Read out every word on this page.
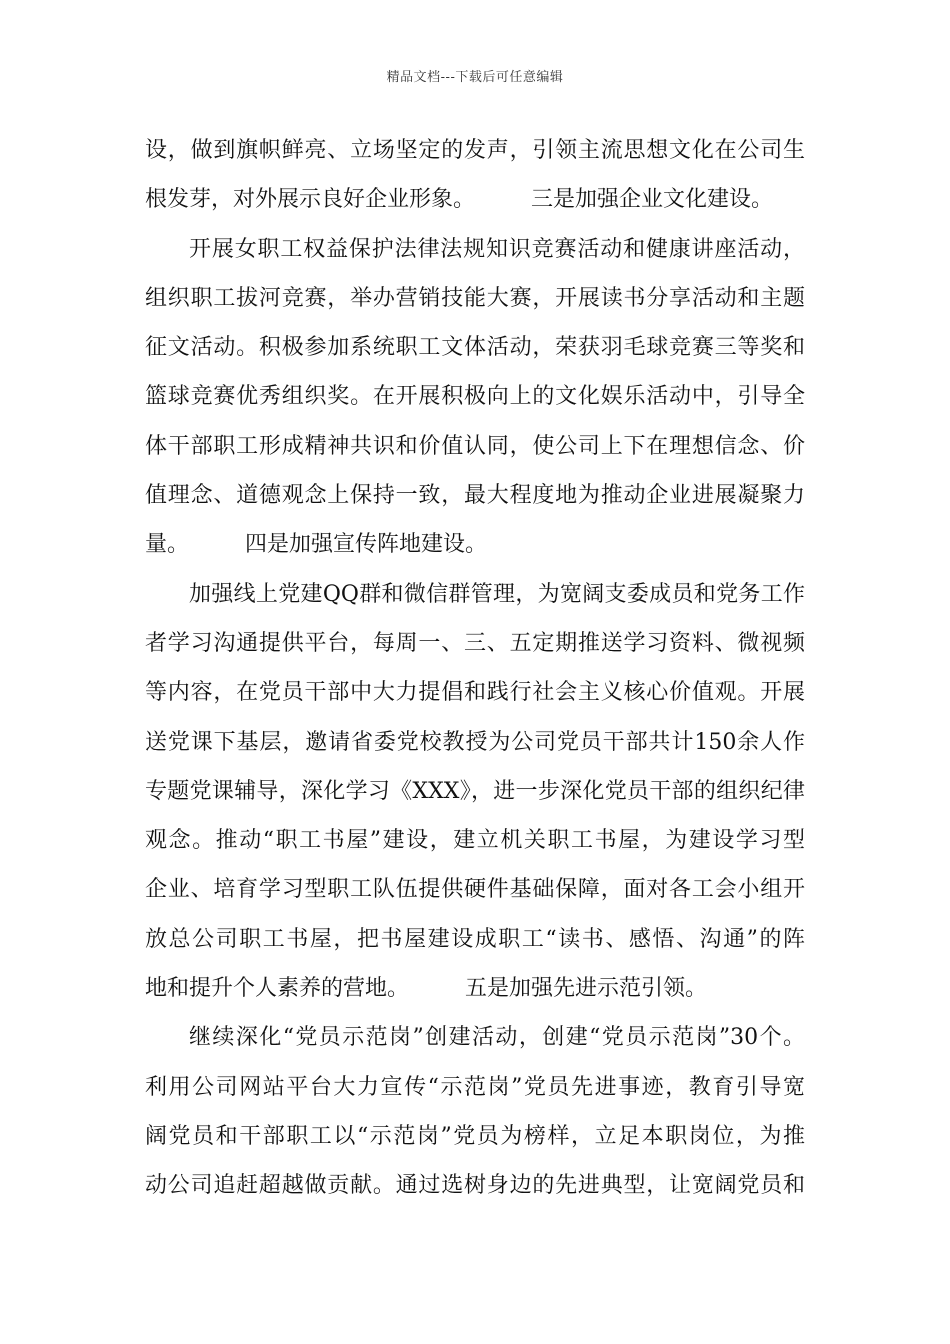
精品文档---下载后可任意编辑
设，做到旗帜鲜亮、立场坚定的发声，引领主流思想文化在公司生
根发芽，对外展示良好企业形象。	三是加强企业文化建设。
开展女职工权益保护法律法规知识竞赛活动和健康讲座活动，
组织职工拔河竞赛，举办营销技能大赛，开展读书分享活动和主题
征文活动。积极参加系统职工文体活动，荣获羽毛球竞赛三等奖和
篮球竞赛优秀组织奖。在开展积极向上的文化娱乐活动中，引导全
体干部职工形成精神共识和价值认同，使公司上下在理想信念、价
值理念、道德观念上保持一致，最大程度地为推动企业进展凝聚力
量。	四是加强宣传阵地建设。
加强线上党建QQ群和微信群管理，为宽阔支委成员和党务工作
者学习沟通提供平台，每周一、三、五定期推送学习资料、微视频
等内容，在党员干部中大力提倡和践行社会主义核心价值观。开展
送党课下基层，邀请省委党校教授为公司党员干部共计150余人作
专题党课辅导，深化学习《XXX》，进一步深化党员干部的组织纪律
观念。推动“职工书屋”建设，建立机关职工书屋，为建设学习型
企业、培育学习型职工队伍提供硬件基础保障，面对各工会小组开
放总公司职工书屋，把书屋建设成职工“读书、感悟、沟通”的阵
地和提升个人素养的营地。	五是加强先进示范引领。
继续深化“党员示范岗”创建活动，创建“党员示范岗”30个。
利用公司网站平台大力宣传“示范岗”党员先进事迹，教育引导宽
阔党员和干部职工以“示范岗”党员为榜样，立足本职岗位，为推
动公司追赶超越做贡献。通过选树身边的先进典型，让宽阔党员和
